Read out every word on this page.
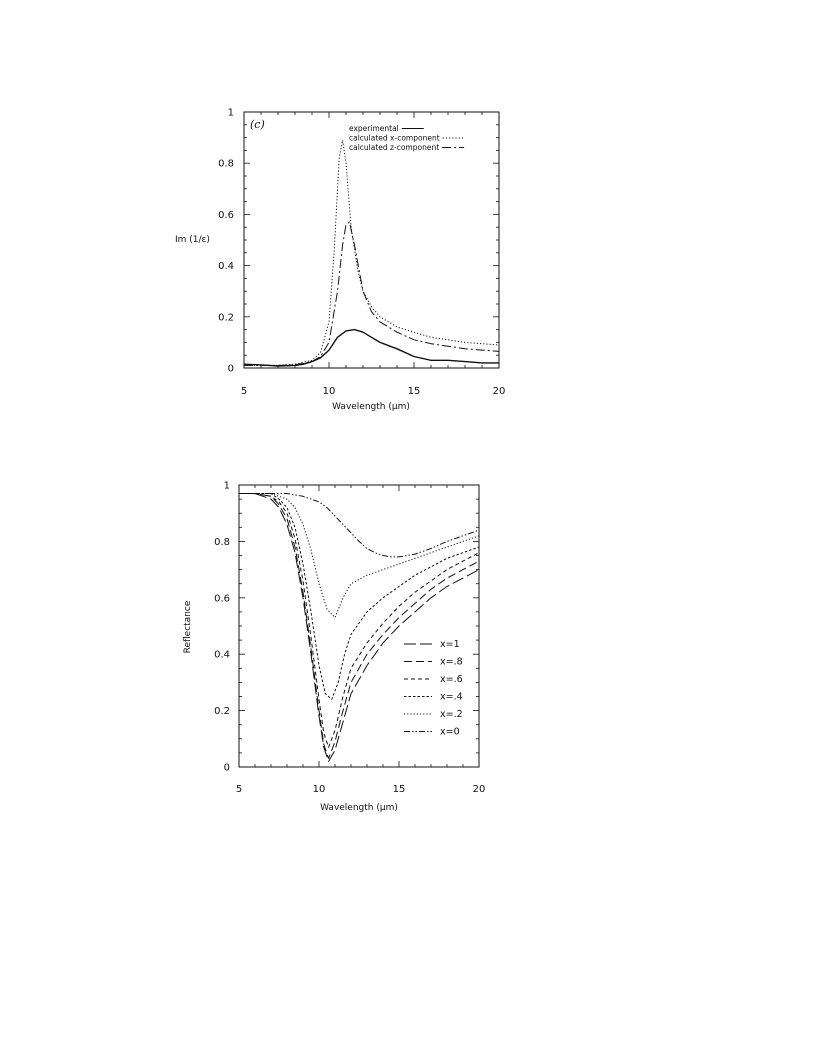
5	10	15	20
0
0.2
0.4
0.6
0.8
1
(c)
Wavelength (μm)
Im (1/ε)
experimental
calculated x-component
calculated z-component
5	10	15	20
0
0.2
0.4
0.6
0.8
1
Wavelength (μm)
Reflectance	x=1
x=.8
x=.6
x=.4
x=.2
x=0
